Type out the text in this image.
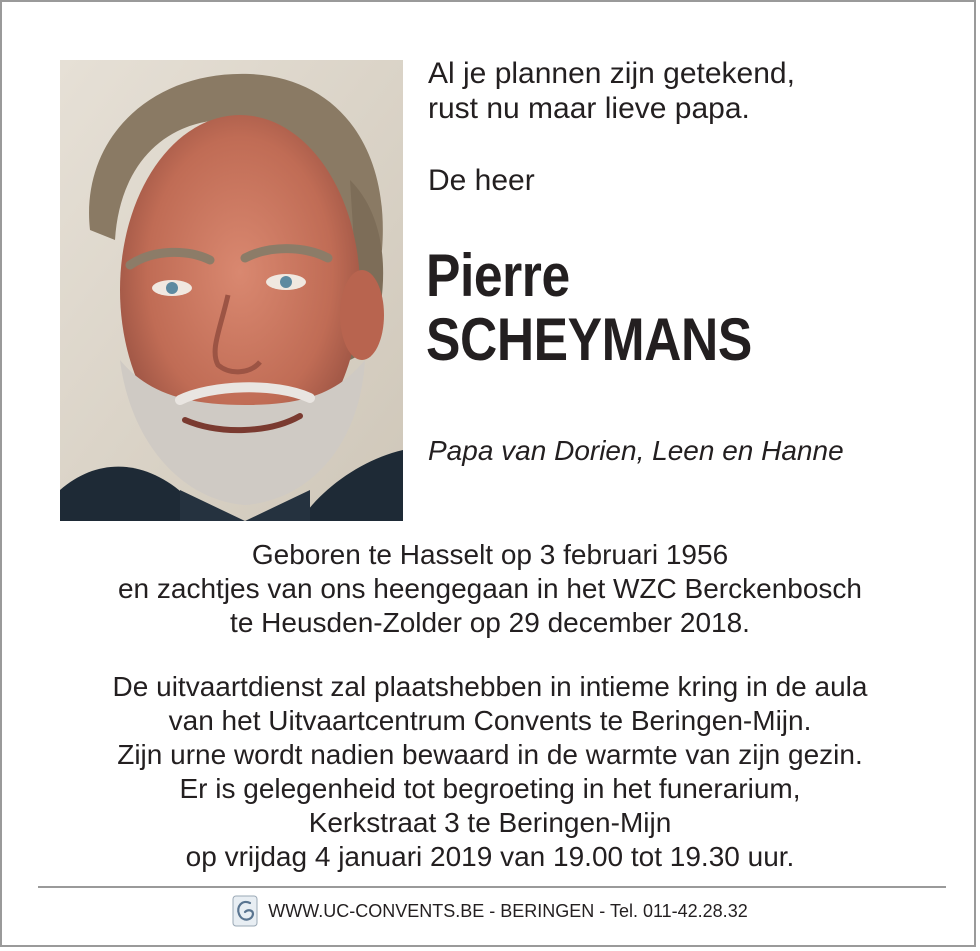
Al je plannen zijn getekend,
rust nu maar lieve papa.

De heer

Pierre
SCHEYMANS

Papa van Dorien, Leen en Hanne

Geboren te Hasselt op 3 februari 1956
en zachtjes van ons heengegaan in het WZC Berckenbosch
te Heusden-Zolder op 29 december 2018.
De uitvaartdienst zal plaatshebben in intieme kring in de aula
van het Uitvaartcentrum Convents te Beringen-Mijn.
Zijn urne wordt nadien bewaard in de warmte van zijn gezin.
Er is gelegenheid tot begroeting in het funerarium,
Kerkstraat 3 te Beringen-Mijn
op vrijdag 4 januari 2019 van 19.00 tot 19.30 uur.
WWW.UC-CONVENTS.BE - BERINGEN - Tel. 011-42.28.32
